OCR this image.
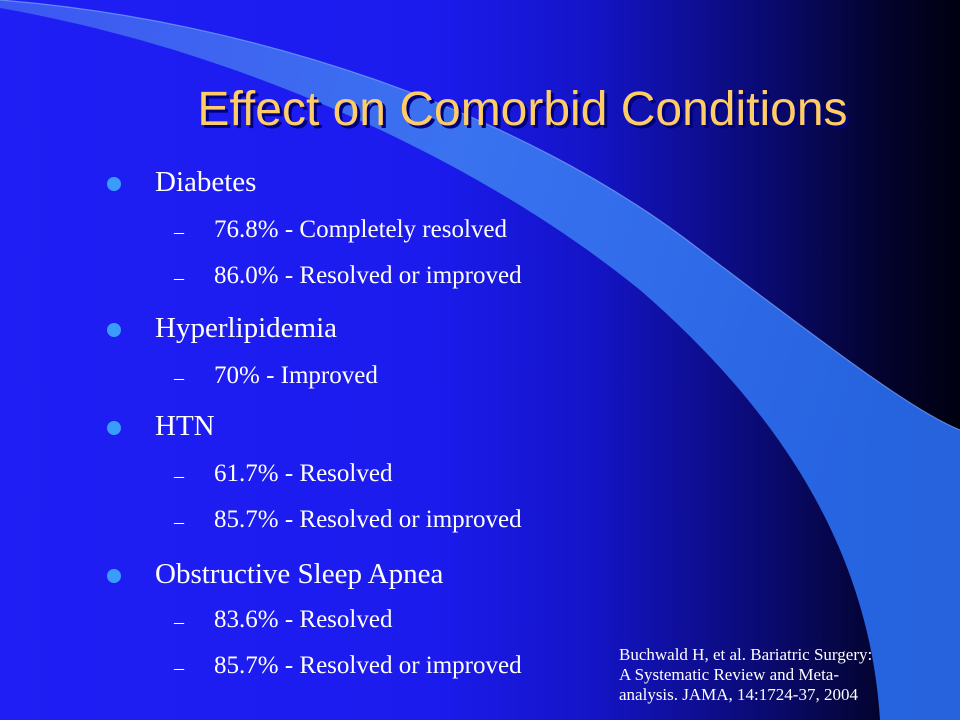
Effect on Comorbid Conditions
Diabetes
– 76.8% - Completely resolved
– 86.0% - Resolved or improved
Hyperlipidemia
– 70% - Improved
HTN
– 61.7% - Resolved
– 85.7% - Resolved or improved
Obstructive Sleep Apnea
– 83.6% - Resolved
– 85.7% - Resolved or improved	Buchwald H, et al. Bariatric Surgery:
A Systematic Review and Meta-
analysis. JAMA, 14:1724-37, 2004
